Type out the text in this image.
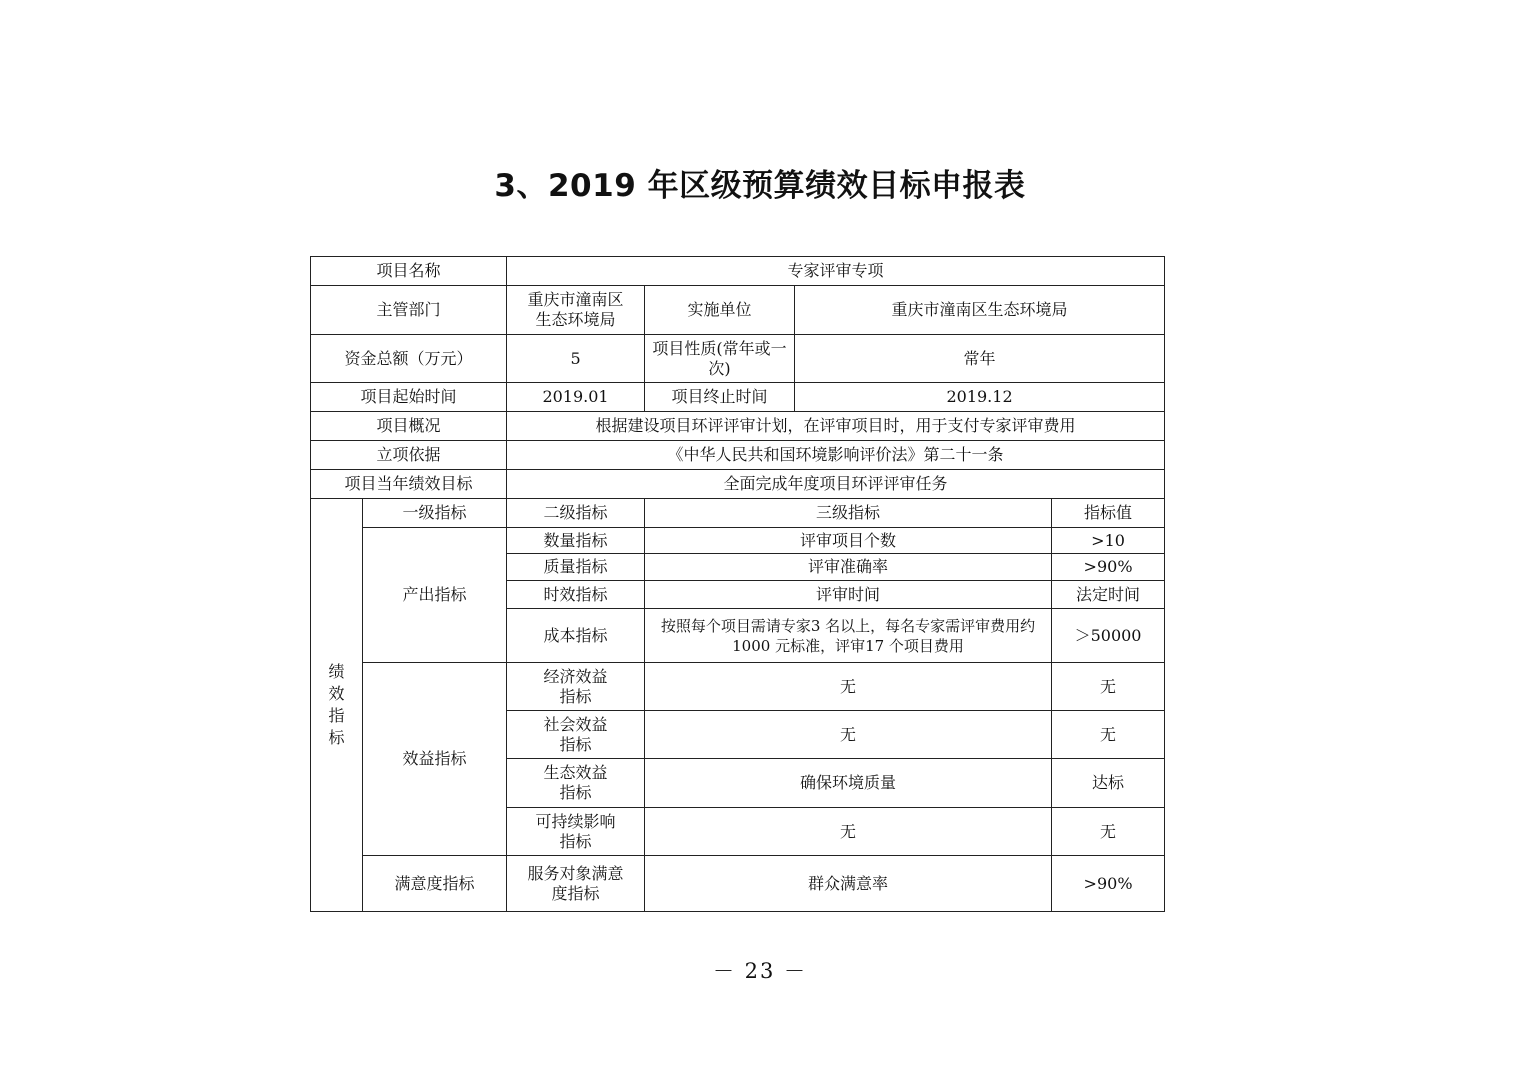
3、2019 年区级预算绩效目标申报表
项目名称		专家评审专项			
主管部门		重庆市潼南区生态环境局	实施单位	重庆市潼南区生态环境局	
资金总额（万元）		5	项目性质(常年或一次)	常年	
项目起始时间		2019.01	项目终止时间	2019.12	
项目概况		根据建设项目环评评审计划，在评审项目时，用于支付专家评审费用			
立项依据		《中华人民共和国环境影响评价法》第二十一条			
项目当年绩效目标		全面完成年度项目环评评审任务			
绩效指标	一级指标	二级指标	三级指标		指标值
	产出指标	数量指标	评审项目个数		>10
		质量指标	评审准确率		>90%
		时效指标	评审时间		法定时间
		成本指标	按照每个项目需请专家3 名以上，每名专家需评审费用约1000 元标准，评审17 个项目费用		＞50000
	效益指标	经济效益指标	无		无
		社会效益指标	无		无
		生态效益指标	确保环境质量		达标
		可持续影响指标	无		无
	满意度指标	服务对象满意度指标	群众满意率		>90%
－ 23 －
